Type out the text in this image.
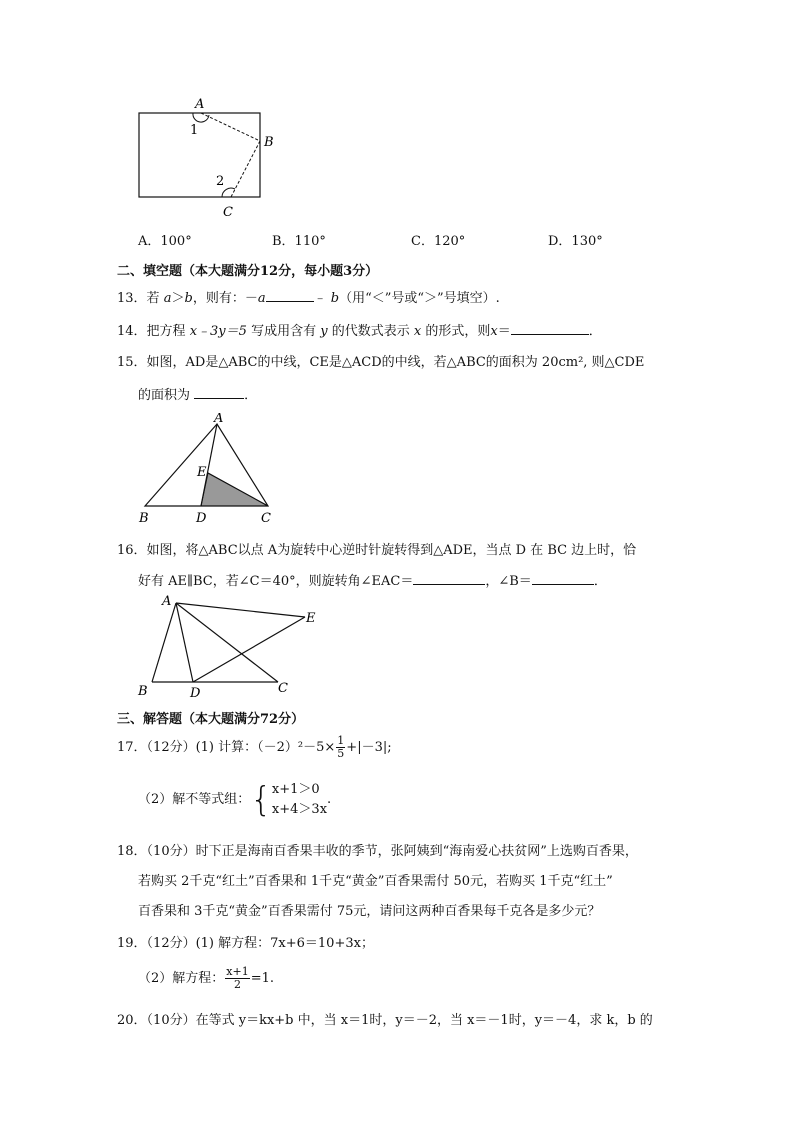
A
B
C
1
2
A．100°	B．110°	C．120°	D．130°
二、填空题（本大题满分12分，每小题3分）
13．若 a＞b，则有：－a	﹣ b（用“＜”号或“＞”号填空）.
14．把方程 x﹣3y＝5 写成用含有 y 的代数式表示 x 的形式，则x＝	．
15．如图，AD是△ABC的中线，CE是△ACD的中线，若△ABC的面积为 20cm², 则△CDE
的面积为	．
A
B	C
D
E
16．如图，将△ABC以点 A为旋转中心逆时针旋转得到△ADE，当点 D 在 BC 边上时，恰
好有 AE∥BC，若∠C＝40°，则旋转角∠EAC＝	，∠B＝	．
A
B	C
D
E
三、解答题（本大题满分72分）
17．（12分）(1) 计算：$(-2)^2-5\times \frac{1}{5} +|-3|$;
（2）解不等式组：{ x+1＞0
x+4＞3x
.
18．（10分）时下正是海南百香果丰收的季节，张阿姨到“海南爱心扶贫网”上选购百香果，
若购买 2千克“红土”百香果和 1千克“黄金”百香果需付 50元，若购买 1千克“红土”
百香果和 3千克“黄金”百香果需付 75元，请问这两种百香果每千克各是多少元？
19．（12分）(1) 解方程：7x+6＝10+3x；
（2）解方程： $\frac{x+1}{2} =1$.
20．（10分）在等式 y＝kx+b 中，当 x＝1时，y＝－2，当 x＝－1时，y＝－4，求 k，b 的
